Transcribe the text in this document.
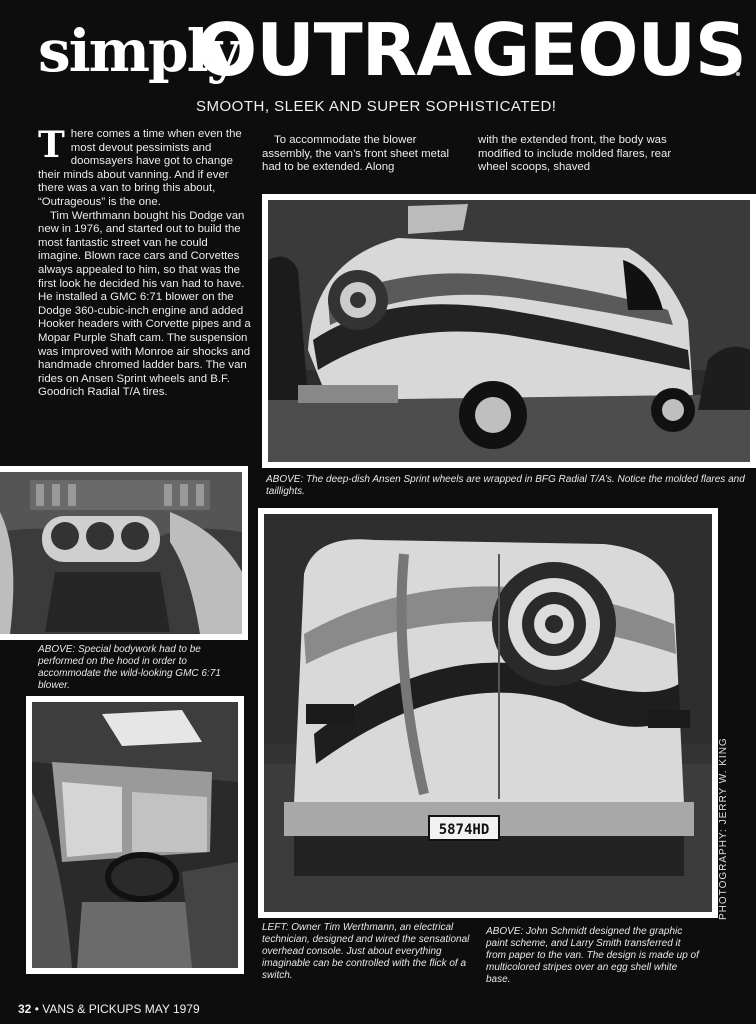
simply
OUTRAGEOUS
SMOOTH, SLEEK AND SUPER SOPHISTICATED!
T here comes a time when even the most devout pessimists and doomsayers have got to change their minds about vanning. And if ever there was a van to bring this about, “Outrageous” is the one.

Tim Werthmann bought his Dodge van new in 1976, and started out to build the most fantastic street van he could imagine. Blown race cars and Corvettes always appealed to him, so that was the first look he decided his van had to have. He installed a GMC 6:71 blower on the Dodge 360-cubic-inch engine and added Hooker headers with Corvette pipes and a Mopar Purple Shaft cam. The suspension was improved with Monroe air shocks and handmade chromed ladder bars. The van rides on Ansen Sprint wheels and B.F. Goodrich Radial T/A tires.

To accommodate the blower assembly, the van’s front sheet metal had to be extended. Along

with the extended front, the body was modified to include molded flares, rear wheel scoops, shaved

ABOVE: The deep-dish Ansen Sprint wheels are wrapped in BFG Radial T/A’s. Notice the molded flares and taillights.
ABOVE: Special bodywork had to be performed on the hood in order to accommodate the wild-looking GMC 6:71 blower.
5874HD
LEFT: Owner Tim Werthmann, an electrical technician, designed and wired the sensational overhead console. Just about everything imaginable can be controlled with the flick of a switch.
ABOVE: John Schmidt designed the graphic paint scheme, and Larry Smith transferred it from paper to the van. The design is made up of multicolored stripes over an egg shell white base.
PHOTOGRAPHY: JERRY W. KING
32 • VANS & PICKUPS MAY 1979
